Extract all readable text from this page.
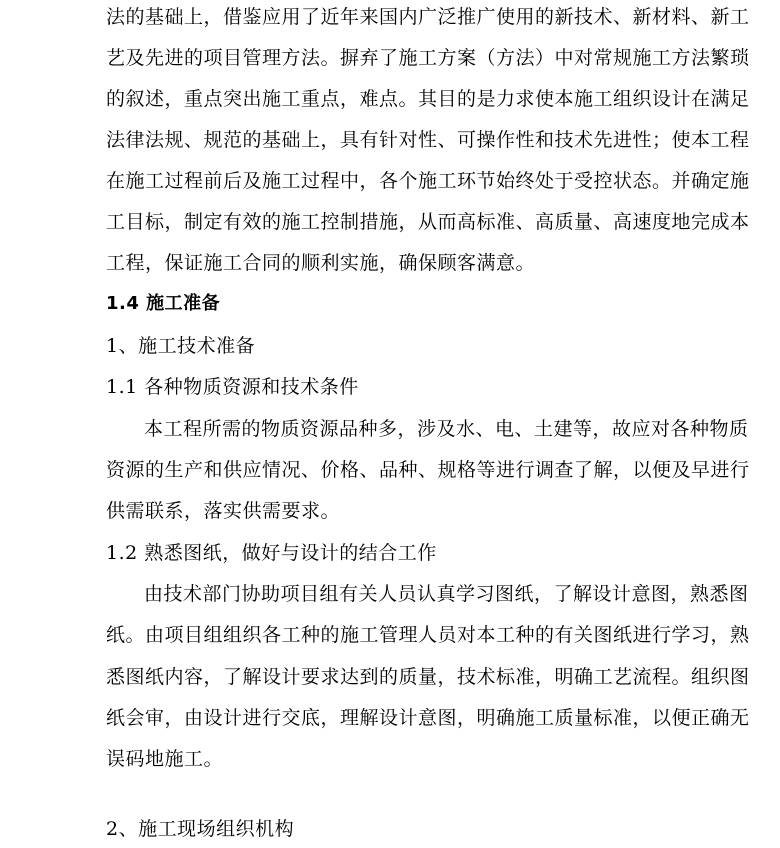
法的基础上，借鉴应用了近年来国内广泛推广使用的新技术、新材料、新工
艺及先进的项目管理方法。摒弃了施工方案（方法）中对常规施工方法繁琐
的叙述，重点突出施工重点，难点。其目的是力求使本施工组织设计在满足
法律法规、规范的基础上，具有针对性、可操作性和技术先进性；使本工程
在施工过程前后及施工过程中，各个施工环节始终处于受控状态。并确定施
工目标，制定有效的施工控制措施，从而高标准、高质量、高速度地完成本
工程，保证施工合同的顺利实施，确保顾客满意。
1.4 施工准备
1、施工技术准备
1.1 各种物质资源和技术条件
本工程所需的物质资源品种多，涉及水、电、土建等，故应对各种物质
资源的生产和供应情况、价格、品种、规格等进行调查了解，以便及早进行
供需联系，落实供需要求。
1.2 熟悉图纸，做好与设计的结合工作
由技术部门协助项目组有关人员认真学习图纸，了解设计意图，熟悉图
纸。由项目组组织各工种的施工管理人员对本工种的有关图纸进行学习，熟
悉图纸内容，了解设计要求达到的质量，技术标准，明确工艺流程。组织图
纸会审，由设计进行交底，理解设计意图，明确施工质量标准，以便正确无
误码地施工。
2、施工现场组织机构
